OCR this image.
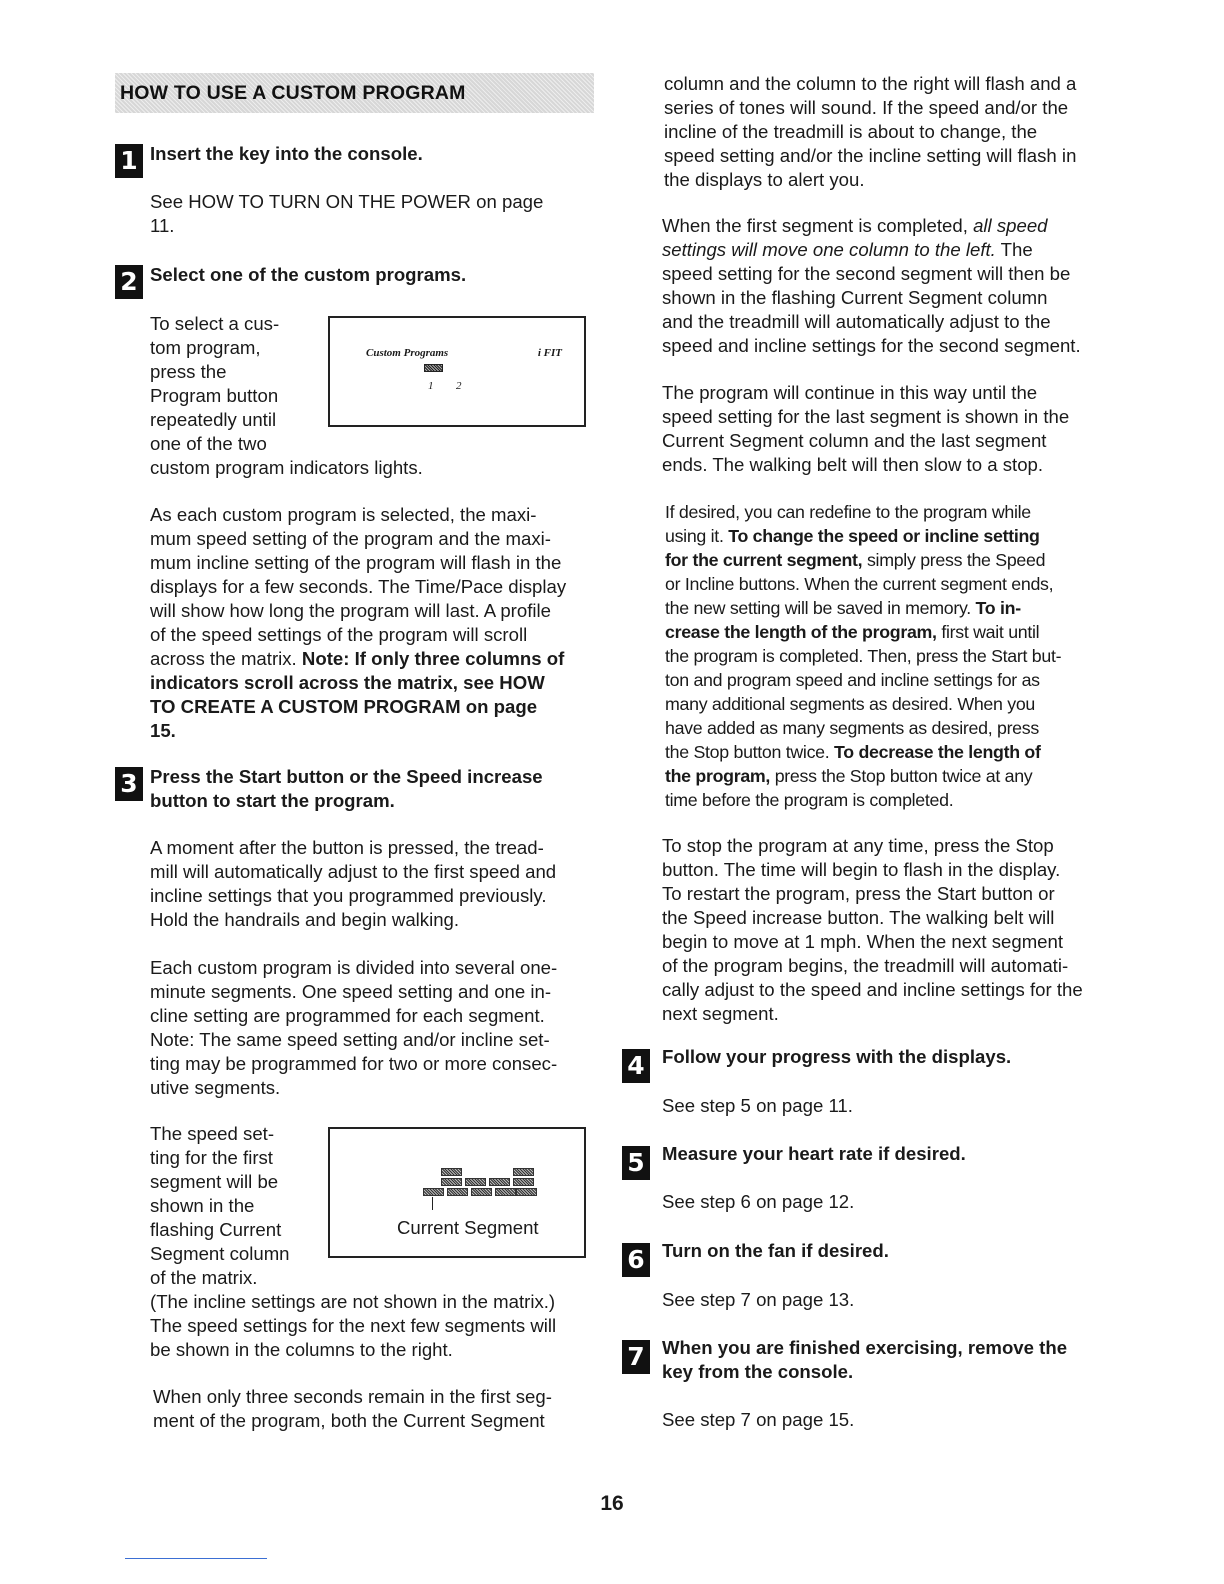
HOW TO USE A CUSTOM PROGRAM
1 Insert the key into the console.

See HOW TO TURN ON THE POWER on page

11.

2 Select one of the custom programs.

To select a cus-

tom program,

press the

Program button

repeatedly until

one of the two

custom program indicators lights.

Custom Programs	i FIT
1 2

As each custom program is selected, the maxi-

mum speed setting of the program and the maxi-

mum incline setting of the program will flash in the

displays for a few seconds. The Time/Pace display

will show how long the program will last. A profile

of the speed settings of the program will scroll

across the matrix. Note: If only three columns of

indicators scroll across the matrix, see HOW

TO CREATE A CUSTOM PROGRAM on page

15.

3 Press the Start button or the Speed increase

button to start the program.

A moment after the button is pressed, the tread-

mill will automatically adjust to the first speed and

incline settings that you programmed previously.

Hold the handrails and begin walking.

Each custom program is divided into several one-

minute segments. One speed setting and one in-

cline setting are programmed for each segment.

Note: The same speed setting and/or incline set-

ting may be programmed for two or more consec-

utive segments.

The speed set-

ting for the first

segment will be

shown in the

flashing Current

Segment column

of the matrix.

Current Segment

(The incline settings are not shown in the matrix.)

The speed settings for the next few segments will

be shown in the columns to the right.

When only three seconds remain in the first seg-

ment of the program, both the Current Segment

column and the column to the right will flash and a

series of tones will sound. If the speed and/or the

incline of the treadmill is about to change, the

speed setting and/or the incline setting will flash in

the displays to alert you.

When the first segment is completed, all speed

settings will move one column to the left. The

speed setting for the second segment will then be

shown in the flashing Current Segment column

and the treadmill will automatically adjust to the

speed and incline settings for the second segment.

The program will continue in this way until the

speed setting for the last segment is shown in the

Current Segment column and the last segment

ends. The walking belt will then slow to a stop.

If desired, you can redefine to the program while

using it. To change the speed or incline setting

for the current segment, simply press the Speed

or Incline buttons. When the current segment ends,

the new setting will be saved in memory. To in-

crease the length of the program, first wait until

the program is completed. Then, press the Start but-

ton and program speed and incline settings for as

many additional segments as desired. When you

have added as many segments as desired, press

the Stop button twice. To decrease the length of

the program, press the Stop button twice at any

time before the program is completed.

To stop the program at any time, press the Stop

button. The time will begin to flash in the display.

To restart the program, press the Start button or

the Speed increase button. The walking belt will

begin to move at 1 mph. When the next segment

of the program begins, the treadmill will automati-

cally adjust to the speed and incline settings for the

next segment.

4 Follow your progress with the displays.

See step 5 on page 11.

5 Measure your heart rate if desired.

See step 6 on page 12.

6 Turn on the fan if desired.

See step 7 on page 13.

7 When you are finished exercising, remove the

key from the console.

See step 7 on page 15.

16
